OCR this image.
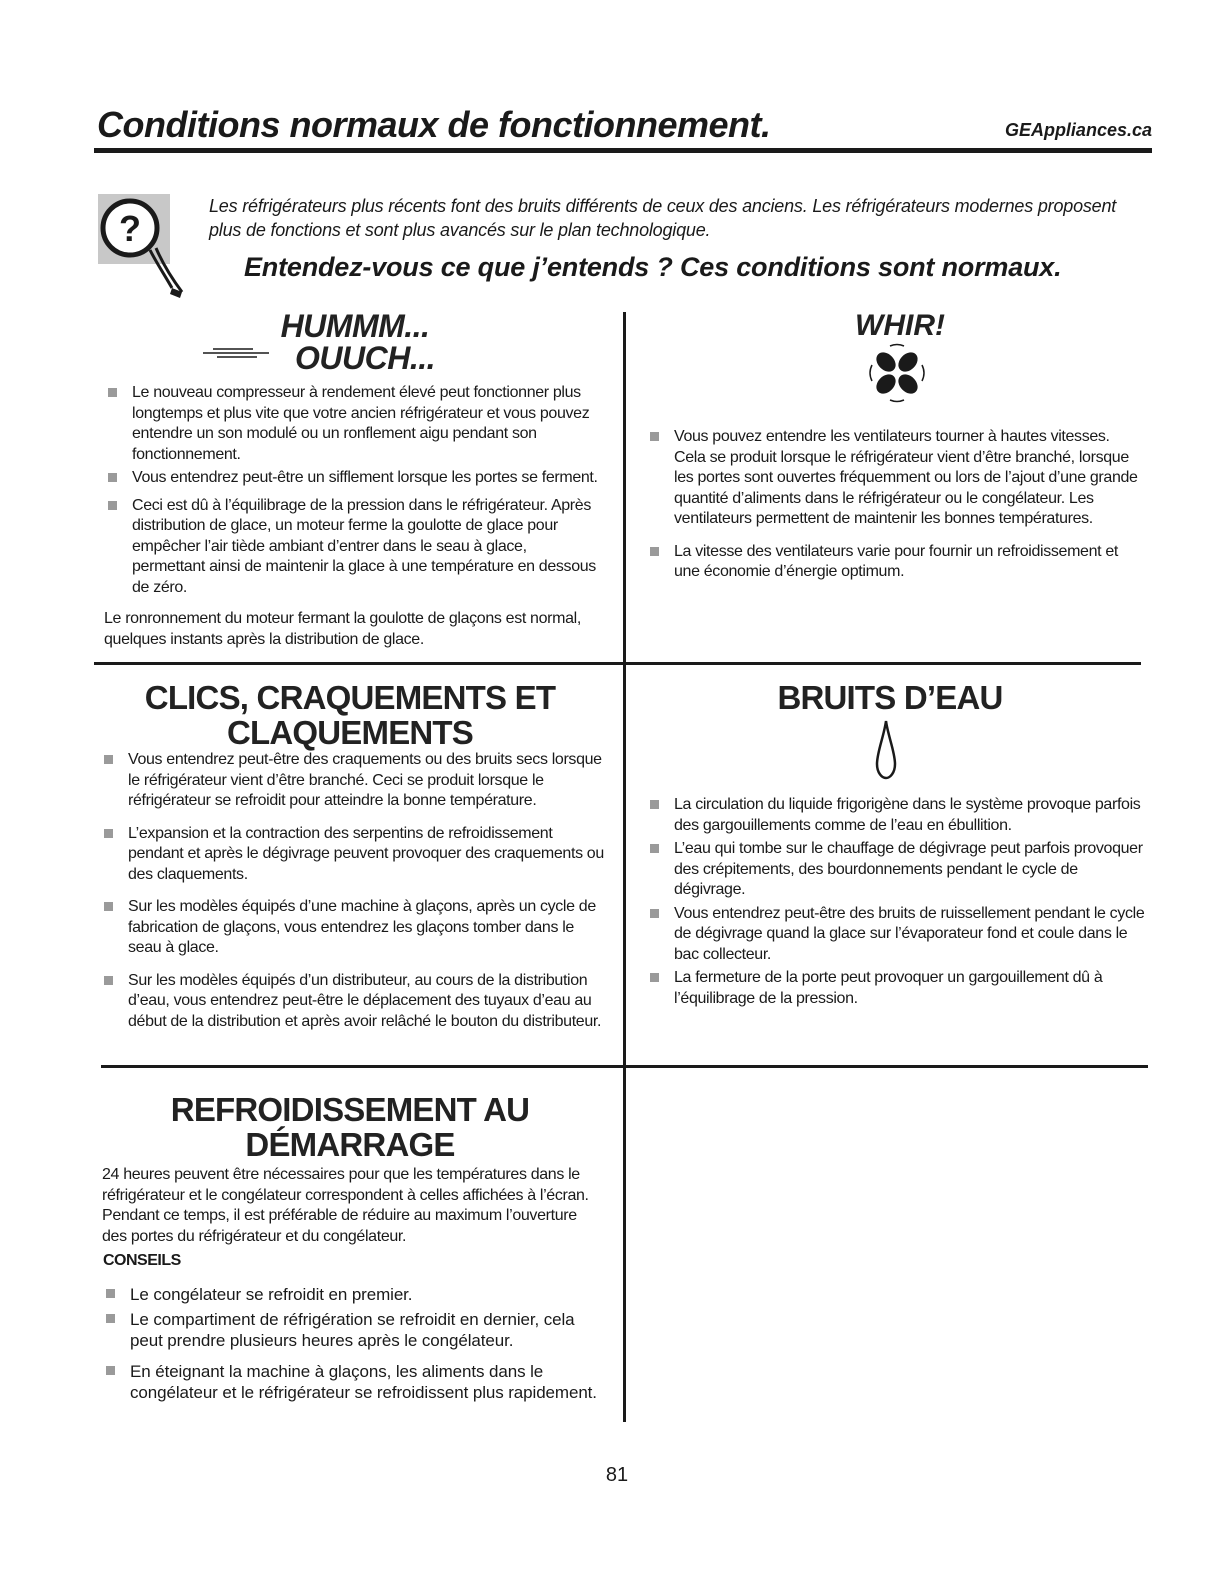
Conditions normaux de fonctionnement.	GEAppliances.ca
?
Les réfrigérateurs plus récents font des bruits différents de ceux des anciens. Les réfrigérateurs modernes proposent plus de fonctions et sont plus avancés sur le plan technologique.
Entendez-vous ce que j’entends ? Ces conditions sont normaux.
HUMMM...
OUUCH...
Le nouveau compresseur à rendement élevé peut fonctionner plus longtemps et plus vite que votre ancien réfrigérateur et vous pouvez entendre un son modulé ou un ronflement aigu pendant son fonctionnement.
Vous entendrez peut-être un sifflement lorsque les portes se ferment.
Ceci est dû à l’équilibrage de la pression dans le réfrigérateur. Après distribution de glace, un moteur ferme la goulotte de glace pour empêcher l’air tiède ambiant d’entrer dans le seau à glace, permettant ainsi de maintenir la glace à une température en dessous de zéro.
Le ronronnement du moteur fermant la goulotte de glaçons est normal, quelques instants après la distribution de glace.
WHIR!
Vous pouvez entendre les ventilateurs tourner à hautes vitesses. Cela se produit lorsque le réfrigérateur vient d’être branché, lorsque les portes sont ouvertes fréquemment ou lors de l’ajout d’une grande quantité d’aliments dans le réfrigérateur ou le congélateur. Les ventilateurs permettent de maintenir les bonnes températures.
La vitesse des ventilateurs varie pour fournir un refroidissement et une économie d’énergie optimum.
CLICS, CRAQUEMENTS ET
CLAQUEMENTS
Vous entendrez peut-être des craquements ou des bruits secs lorsque le réfrigérateur vient d’être branché. Ceci se produit lorsque le réfrigérateur se refroidit pour atteindre la bonne température.
L’expansion et la contraction des serpentins de refroidissement pendant et après le dégivrage peuvent provoquer des craquements ou des claquements.
Sur les modèles équipés d’une machine à glaçons, après un cycle de fabrication de glaçons, vous entendrez les glaçons tomber dans le seau à glace.
Sur les modèles équipés d’un distributeur, au cours de la distribution d’eau, vous entendrez peut-être le déplacement des tuyaux d’eau au début de la distribution et après avoir relâché le bouton du distributeur.
BRUITS D’EAU
La circulation du liquide frigorigène dans le système provoque parfois des gargouillements comme de l’eau en ébullition.
L’eau qui tombe sur le chauffage de dégivrage peut parfois provoquer des crépitements, des bourdonnements pendant le cycle de dégivrage.
Vous entendrez peut-être des bruits de ruissellement pendant le cycle de dégivrage quand la glace sur l’évaporateur fond et coule dans le bac collecteur.
La fermeture de la porte peut provoquer un gargouillement dû à l’équilibrage de la pression.
REFROIDISSEMENT AU
DÉMARRAGE
24 heures peuvent être nécessaires pour que les températures dans le réfrigérateur et le congélateur correspondent à celles affichées à l’écran. Pendant ce temps, il est préférable de réduire au maximum l’ouverture des portes du réfrigérateur et du congélateur.
CONSEILS
Le congélateur se refroidit en premier.
Le compartiment de réfrigération se refroidit en dernier, cela peut prendre plusieurs heures après le congélateur.
En éteignant la machine à glaçons, les aliments dans le congélateur et le réfrigérateur se refroidissent plus rapidement.
81
